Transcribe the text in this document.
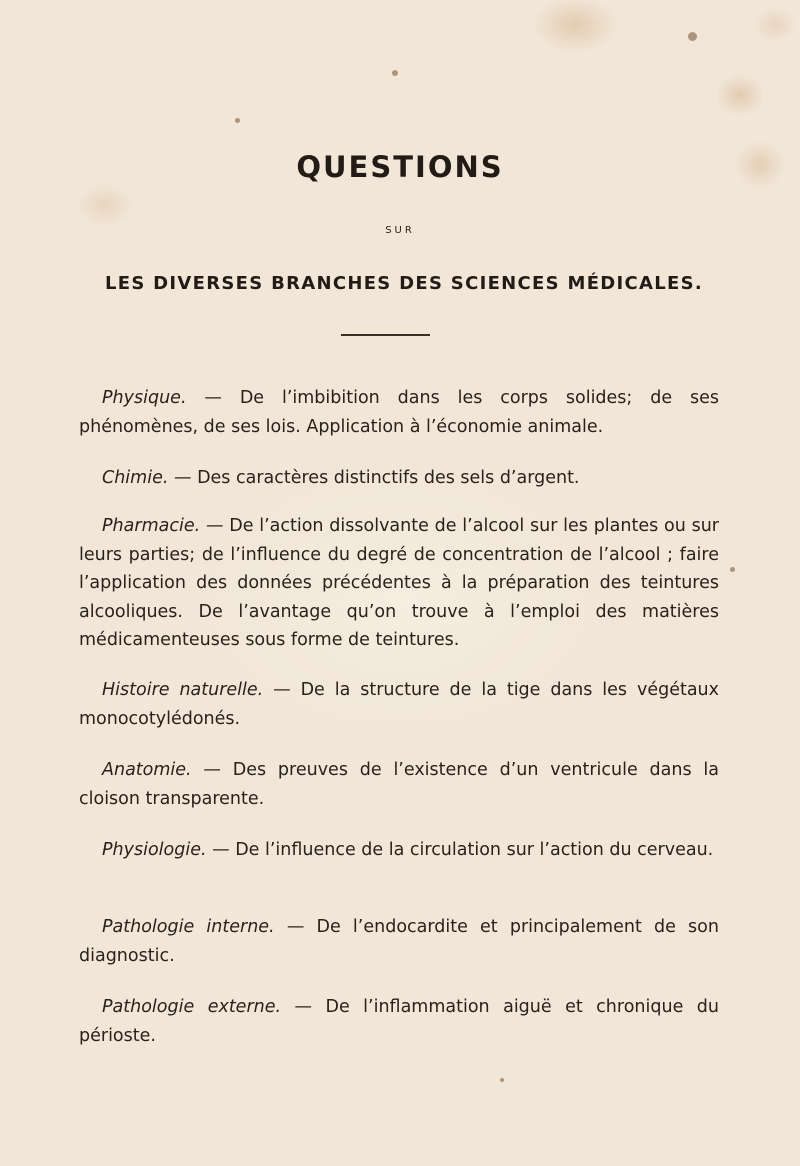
QUESTIONS
SUR
LES DIVERSES BRANCHES DES SCIENCES MÉDICALES.
Physique. — De l’imbibition dans les corps solides; de ses phénomènes, de ses lois. Application à l’économie animale.
Chimie. — Des caractères distinctifs des sels d’argent.
Pharmacie. — De l’action dissolvante de l’alcool sur les plantes ou sur leurs parties; de l’influence du degré de concentration de l’alcool ; faire l’application des données précédentes à la préparation des teintures alcooliques. De l’avantage qu’on trouve à l’emploi des matières médicamenteuses sous forme de teintures.
Histoire naturelle. — De la structure de la tige dans les végétaux monocotylédonés.
Anatomie. — Des preuves de l’existence d’un ventricule dans la cloison transparente.
Physiologie. — De l’influence de la circulation sur l’action du cerveau.
Pathologie interne. — De l’endocardite et principalement de son diagnostic.
Pathologie externe. — De l’inflammation aiguë et chronique du périoste.
